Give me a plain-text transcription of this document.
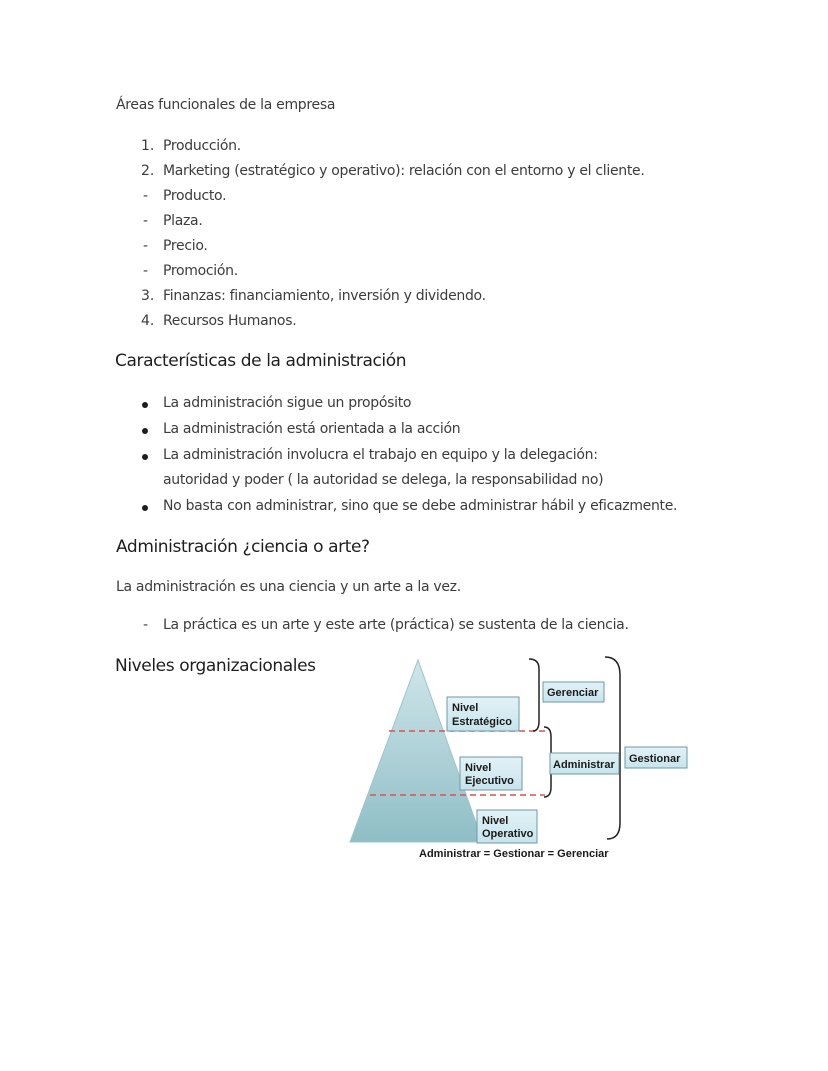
Áreas funcionales de la empresa
1. Producción.
2. Marketing (estratégico y operativo): relación con el entorno y el cliente.
- Producto.
- Plaza.
- Precio.
- Promoción.
3. Finanzas: financiamiento, inversión y dividendo.
4. Recursos Humanos.
Características de la administración
La administración sigue un propósito
La administración está orientada a la acción
La administración involucra el trabajo en equipo y la delegación: autoridad y poder ( la autoridad se delega, la responsabilidad no)
No basta con administrar, sino que se debe administrar hábil y eficazmente.
Administración ¿ciencia o arte?
La administración es una ciencia y un arte a la vez.
- La práctica es un arte y este arte (práctica) se sustenta de la ciencia.
Niveles organizacionales
Nivel
Estratégico
Nivel
Ejecutivo
Nivel
Operativo
Gerenciar
Administrar Gestionar
Administrar = Gestionar = Gerenciar
